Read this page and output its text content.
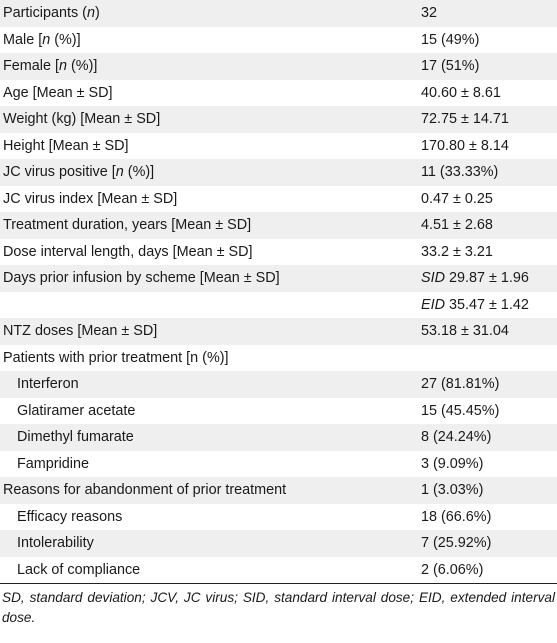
Participants (n)	32
Male [n (%)]	15 (49%)
Female [n (%)]	17 (51%)
Age [Mean ± SD]	40.60 ± 8.61
Weight (kg) [Mean ± SD]	72.75 ± 14.71
Height [Mean ± SD]	170.80 ± 8.14
JC virus positive [n (%)]	11 (33.33%)
JC virus index [Mean ± SD]	0.47 ± 0.25
Treatment duration, years [Mean ± SD]	4.51 ± 2.68
Dose interval length, days [Mean ± SD]	33.2 ± 3.21
Days prior infusion by scheme [Mean ± SD]	SID 29.87 ± 1.96
	EID 35.47 ± 1.42
NTZ doses [Mean ± SD]	53.18 ± 31.04
Patients with prior treatment [n (%)]	
Interferon	27 (81.81%)
Glatiramer acetate	15 (45.45%)
Dimethyl fumarate	8 (24.24%)
Fampridine	3 (9.09%)
Reasons for abandonment of prior treatment	1 (3.03%)
Efficacy reasons	18 (66.6%)
Intolerability	7 (25.92%)
Lack of compliance	2 (6.06%)
SD, standard deviation; JCV, JC virus; SID, standard interval dose; EID, extended interval dose.
